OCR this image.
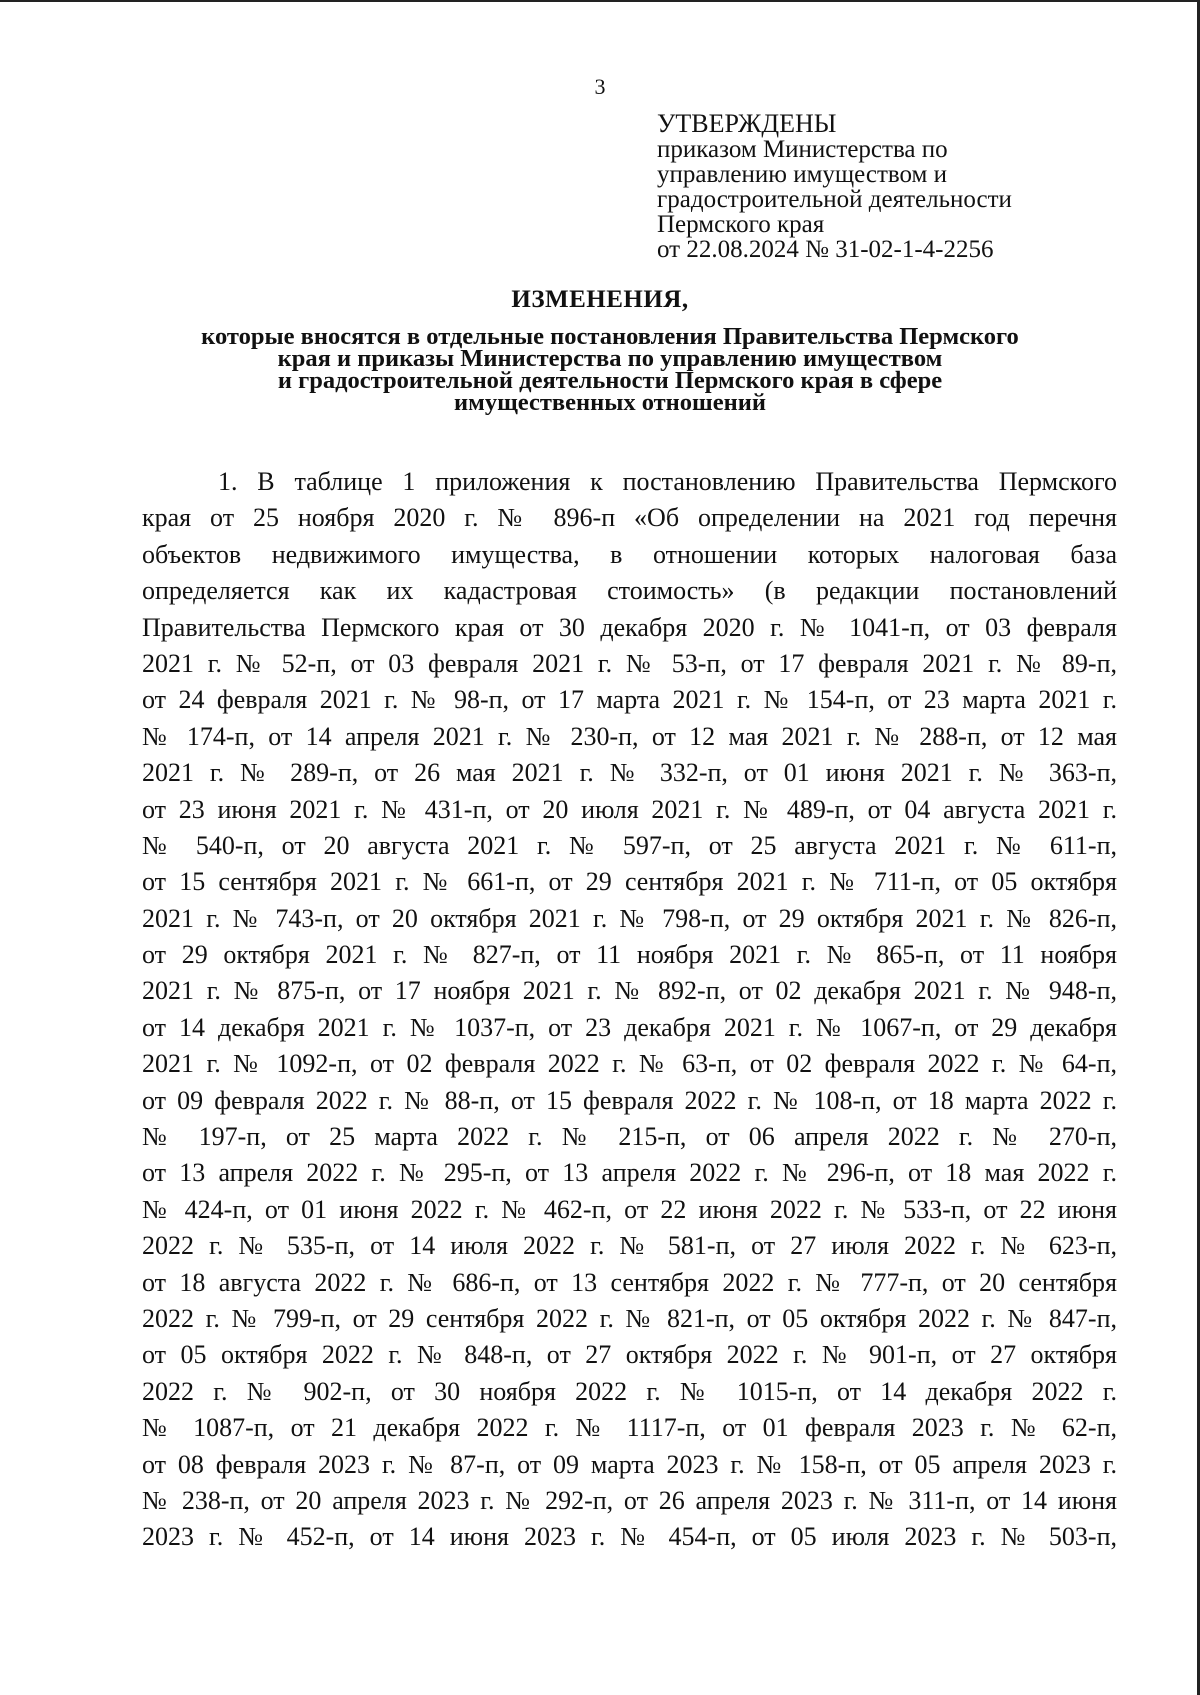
3
УТВЕРЖДЕНЫ
приказом Министерства по
управлению имуществом и
градостроительной деятельности
Пермского края
от 22.08.2024 № 31-02-1-4-2256
ИЗМЕНЕНИЯ,
которые вносятся в отдельные постановления Правительства Пермского
края и приказы Министерства по управлению имуществом
и градостроительной деятельности Пермского края в сфере
имущественных отношений
1. В таблице 1 приложения к постановлению Правительства Пермского
края от 25 ноября 2020 г. № 896-п «Об определении на 2021 год перечня
объектов недвижимого имущества, в отношении которых налоговая база
определяется как их кадастровая стоимость» (в редакции постановлений
Правительства Пермского края от 30 декабря 2020 г. № 1041-п, от 03 февраля
2021 г. № 52-п, от 03 февраля 2021 г. № 53-п, от 17 февраля 2021 г. № 89-п,
от 24 февраля 2021 г. № 98-п, от 17 марта 2021 г. № 154-п, от 23 марта 2021 г.
№ 174-п, от 14 апреля 2021 г. № 230-п, от 12 мая 2021 г. № 288-п, от 12 мая
2021 г. № 289-п, от 26 мая 2021 г. № 332-п, от 01 июня 2021 г. № 363-п,
от 23 июня 2021 г. № 431-п, от 20 июля 2021 г. № 489-п, от 04 августа 2021 г.
№ 540-п, от 20 августа 2021 г. № 597-п, от 25 августа 2021 г. № 611-п,
от 15 сентября 2021 г. № 661-п, от 29 сентября 2021 г. № 711-п, от 05 октября
2021 г. № 743-п, от 20 октября 2021 г. № 798-п, от 29 октября 2021 г. № 826-п,
от 29 октября 2021 г. № 827-п, от 11 ноября 2021 г. № 865-п, от 11 ноября
2021 г. № 875-п, от 17 ноября 2021 г. № 892-п, от 02 декабря 2021 г. № 948-п,
от 14 декабря 2021 г. № 1037-п, от 23 декабря 2021 г. № 1067-п, от 29 декабря
2021 г. № 1092-п, от 02 февраля 2022 г. № 63-п, от 02 февраля 2022 г. № 64-п,
от 09 февраля 2022 г. № 88-п, от 15 февраля 2022 г. № 108-п, от 18 марта 2022 г.
№ 197-п, от 25 марта 2022 г. № 215-п, от 06 апреля 2022 г. № 270-п,
от 13 апреля 2022 г. № 295-п, от 13 апреля 2022 г. № 296-п, от 18 мая 2022 г.
№ 424-п, от 01 июня 2022 г. № 462-п, от 22 июня 2022 г. № 533-п, от 22 июня
2022 г. № 535-п, от 14 июля 2022 г. № 581-п, от 27 июля 2022 г. № 623-п,
от 18 августа 2022 г. № 686-п, от 13 сентября 2022 г. № 777-п, от 20 сентября
2022 г. № 799-п, от 29 сентября 2022 г. № 821-п, от 05 октября 2022 г. № 847-п,
от 05 октября 2022 г. № 848-п, от 27 октября 2022 г. № 901-п, от 27 октября
2022 г. № 902-п, от 30 ноября 2022 г. № 1015-п, от 14 декабря 2022 г.
№ 1087-п, от 21 декабря 2022 г. № 1117-п, от 01 февраля 2023 г. № 62-п,
от 08 февраля 2023 г. № 87-п, от 09 марта 2023 г. № 158-п, от 05 апреля 2023 г.
№ 238-п, от 20 апреля 2023 г. № 292-п, от 26 апреля 2023 г. № 311-п, от 14 июня
2023 г. № 452-п, от 14 июня 2023 г. № 454-п, от 05 июля 2023 г. № 503-п,
